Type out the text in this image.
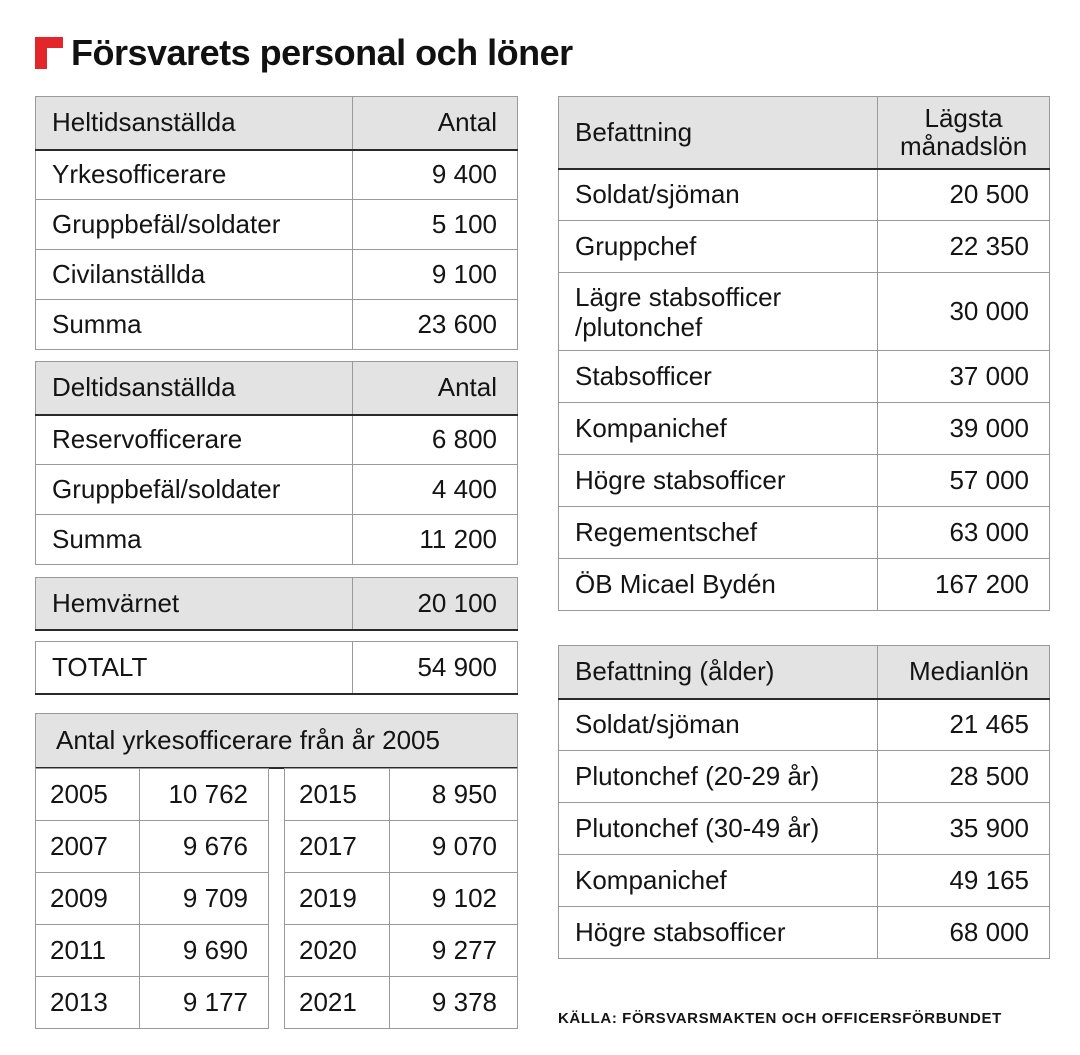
Försvarets personal och löner
Heltidsanställda	Antal
Yrkesofficerare	9 400
Gruppbefäl/soldater	5 100
Civilanställda	9 100
Summa	23 600
Deltidsanställda	Antal
Reservofficerare	6 800
Gruppbefäl/soldater	4 400
Summa	11 200
Hemvärnet	20 100
TOTALT	54 900
Antal yrkesofficerare från år 2005
2005	10 762
2007	9 676
2009	9 709
2011	9 690
2013	9 177
2015	8 950
2017	9 070
2019	9 102
2020	9 277
2021	9 378
Befattning	Lägsta
månadslön
Soldat/sjöman	20 500
Gruppchef	22 350
Lägre stabsofficer
/plutonchef	30 000
Stabsofficer	37 000
Kompanichef	39 000
Högre stabsofficer	57 000
Regementschef	63 000
ÖB Micael Bydén	167 200
Befattning (ålder)	Medianlön
Soldat/sjöman	21 465
Plutonchef (20-29 år)	28 500
Plutonchef (30-49 år)	35 900
Kompanichef	49 165
Högre stabsofficer	68 000
KÄLLA: FÖRSVARSMAKTEN OCH OFFICERSFÖRBUNDET
